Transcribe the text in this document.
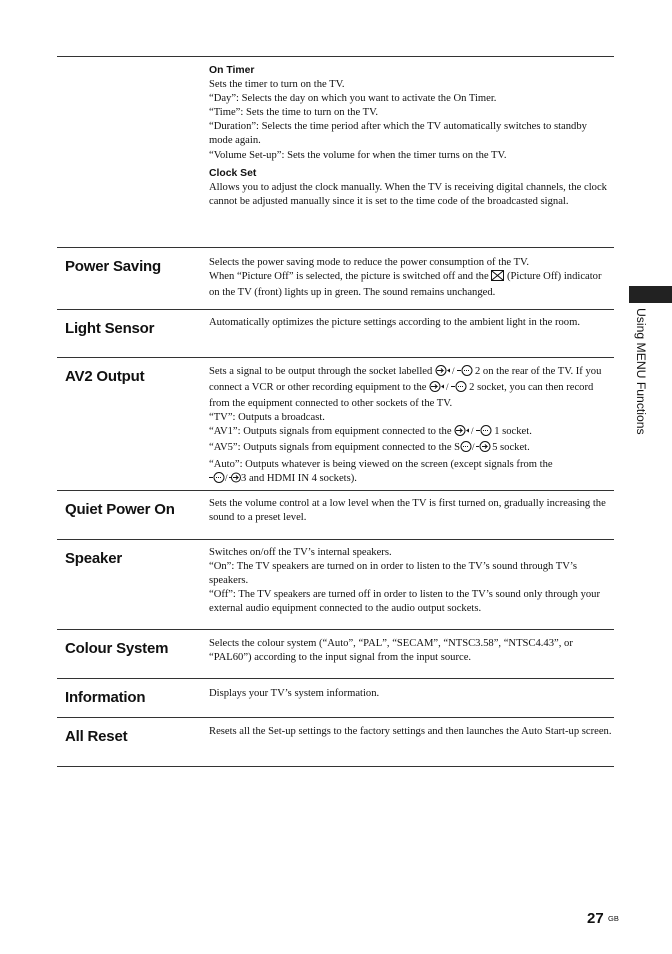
On Timer

Sets the timer to turn on the TV.

“Day”: Selects the day on which you want to activate the On Timer.

“Time”: Sets the time to turn on the TV.

“Duration”: Selects the time period after which the TV automatically switches to standby mode again.

“Volume Set-up”: Sets the volume for when the timer turns on the TV.

Clock Set

Allows you to adjust the clock manually. When the TV is receiving digital channels, the clock cannot be adjusted manually since it is set to the time code of the broadcasted signal.

Power Saving	Selects the power saving mode to reduce the power consumption of the TV.

When “Picture Off” is selected, the picture is switched off and the (Picture Off) indicator on the TV (front) lights up in green. The sound remains unchanged.

Light Sensor	Automatically optimizes the picture settings according to the ambient light in the room.

AV2 Output	Sets a signal to be output through the socket labelled / 2 on the rear of the TV. If you connect a VCR or other recording equipment to the / 2 socket, you can then record from the equipment connected to other sockets of the TV.

“TV”: Outputs a broadcast.

“AV1”: Outputs signals from equipment connected to the / 1 socket.

“AV5”: Outputs signals from equipment connected to the S / 5 socket.

“Auto”: Outputs whatever is being viewed on the screen (except signals from the

/ 3 and HDMI IN 4 sockets).

Quiet Power On	Sets the volume control at a low level when the TV is first turned on, gradually increasing the sound to a preset level.

Speaker	Switches on/off the TV’s internal speakers.

“On”: The TV speakers are turned on in order to listen to the TV’s sound through TV’s speakers.

“Off”: The TV speakers are turned off in order to listen to the TV’s sound only through your external audio equipment connected to the audio output sockets.

Colour System	Selects the colour system (“Auto”, “PAL”, “SECAM”, “NTSC3.58”, “NTSC4.43”, or “PAL60”) according to the input signal from the input source.

Information	Displays your TV’s system information.

All Reset	Resets all the Set-up settings to the factory settings and then launches the Auto Start-up screen.

Using MENU Functions
27 GB
